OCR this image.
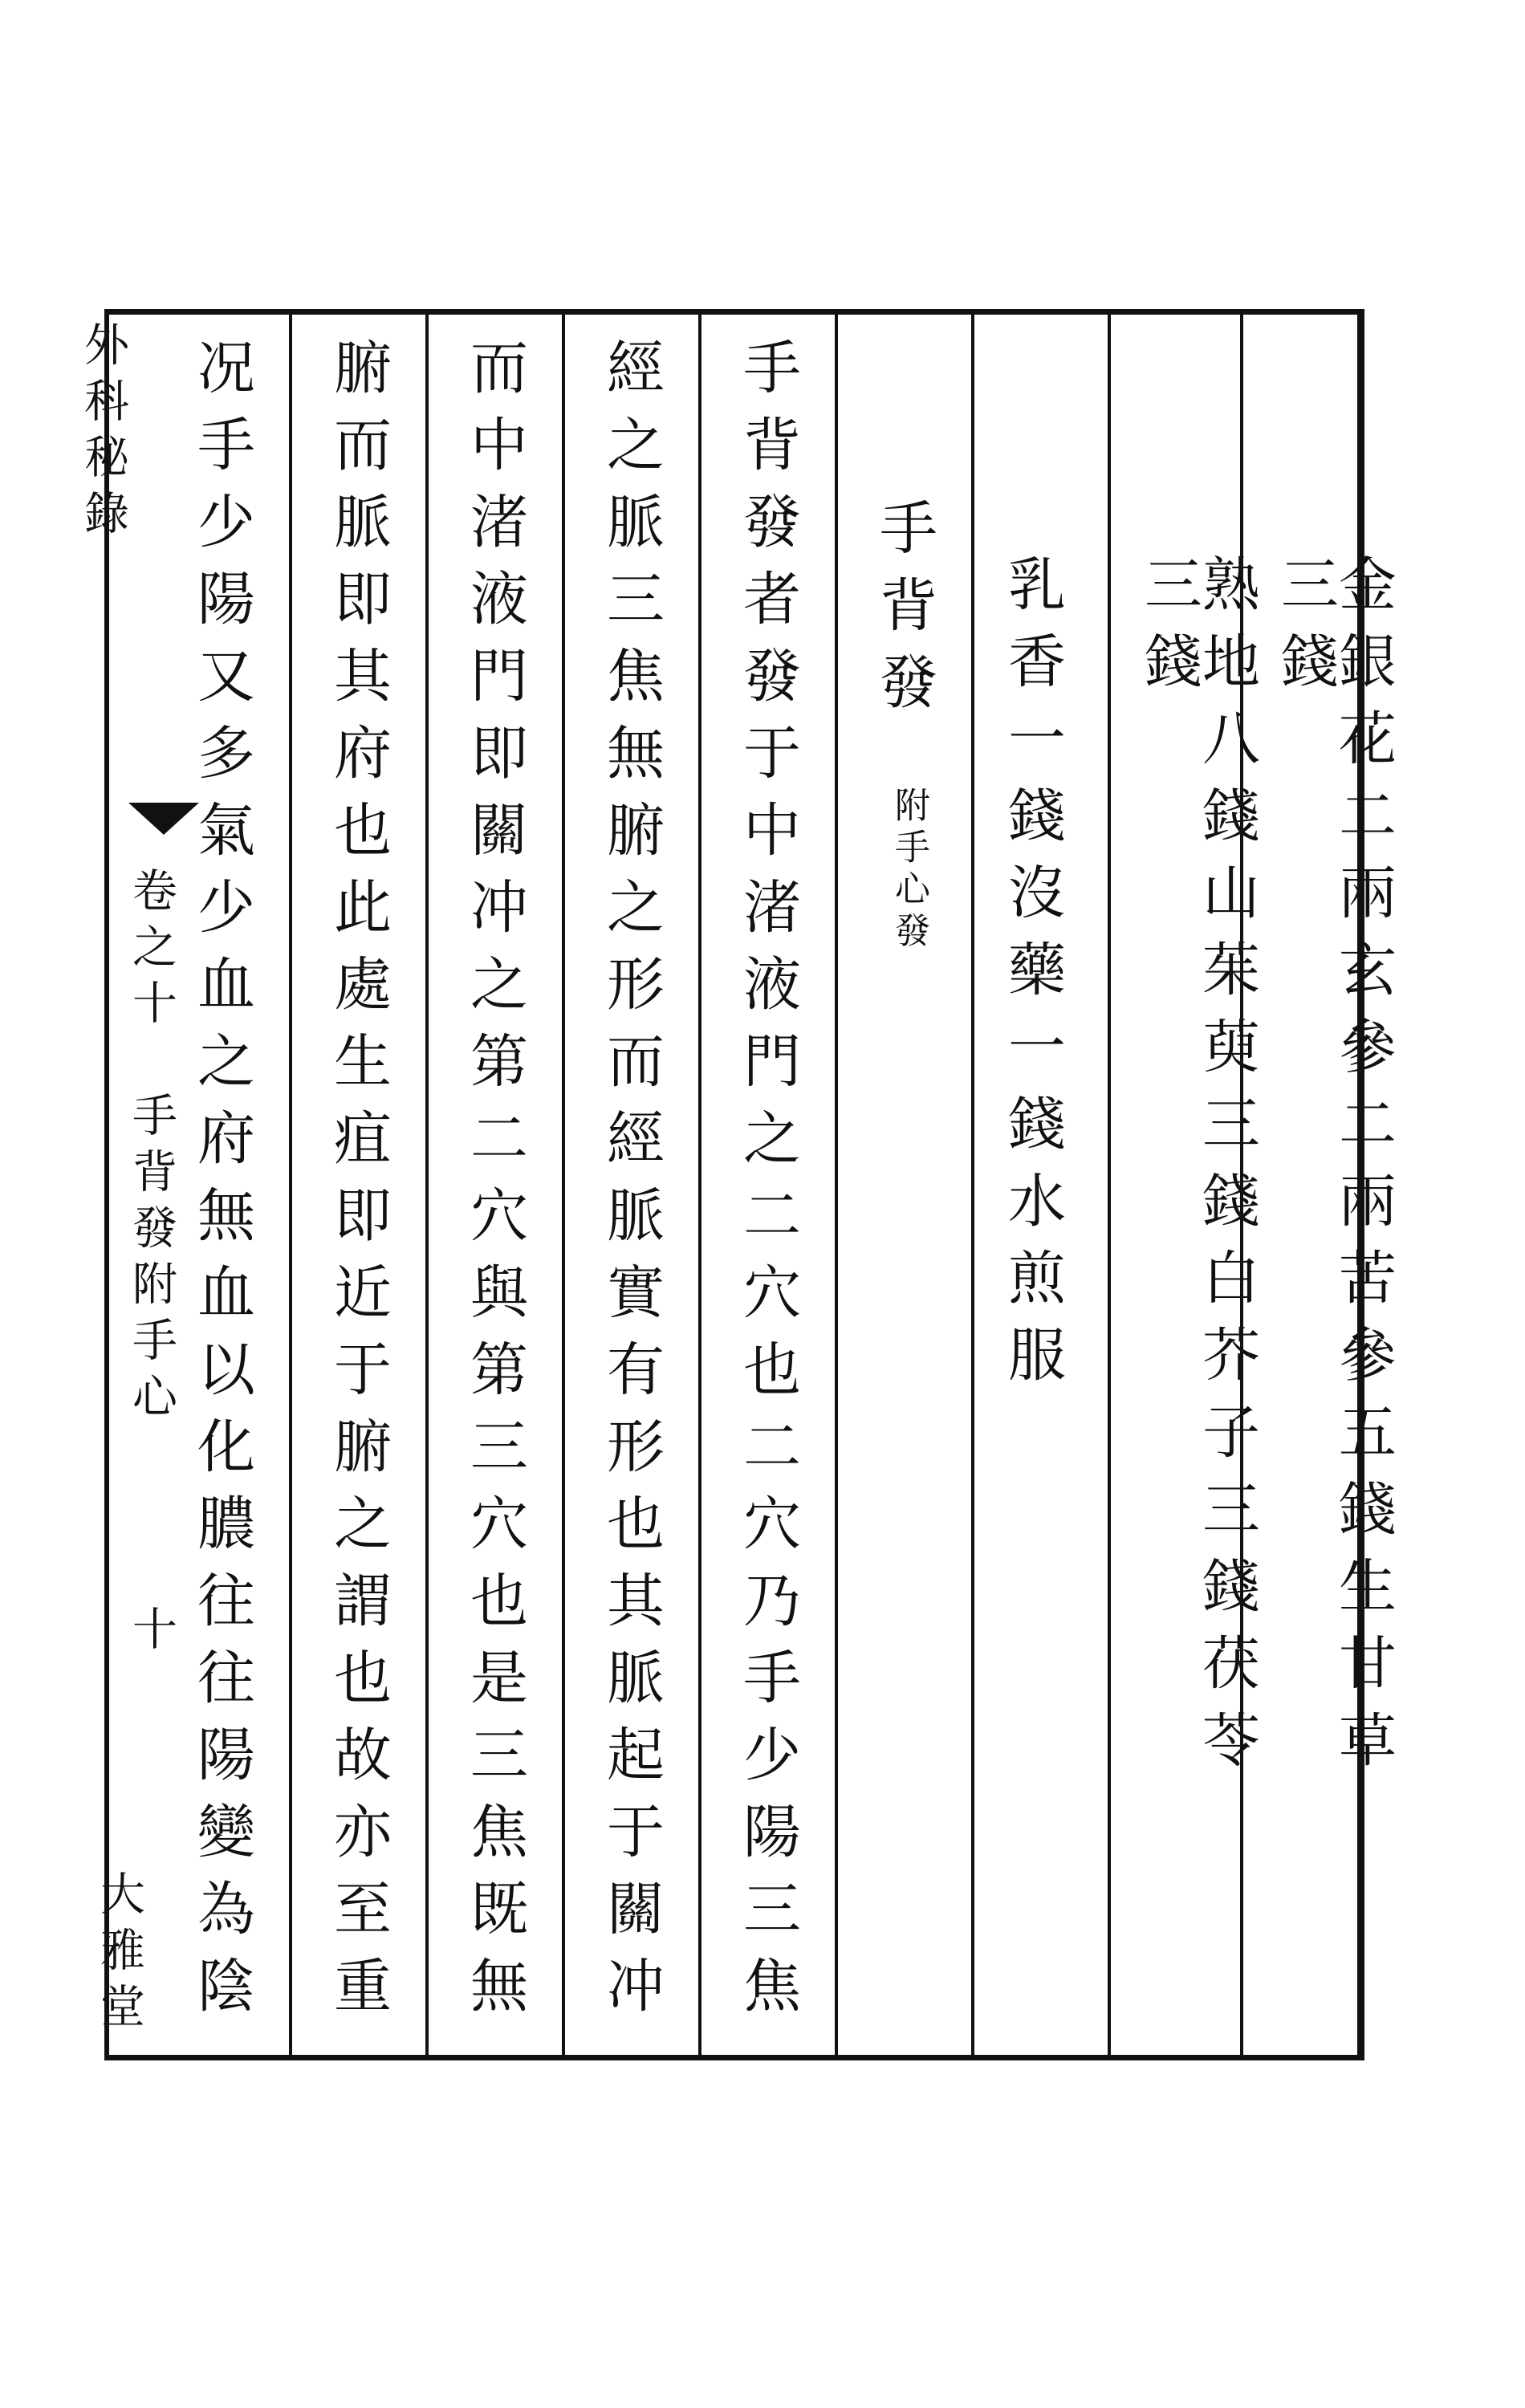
外科秘錄
卷之十
手背發附手心
十
大雅堂
金銀花二兩玄參二兩苦參五錢生甘草三錢
熟地八錢山茱萸三錢白芥子三錢茯苓三錢
乳香一錢沒藥一錢水煎服
手背發
附手心發
手背發者發于中渚液門之二穴也二穴乃手少陽三焦
經之脈三焦無腑之形而經脈實有形也其脈起于關冲
而中渚液門即關冲之第二穴與第三穴也是三焦既無
腑而脈即其府也此處生疽即近于腑之謂也故亦至重
况手少陽又多氣少血之府無血以化膿往往陽變為陰
